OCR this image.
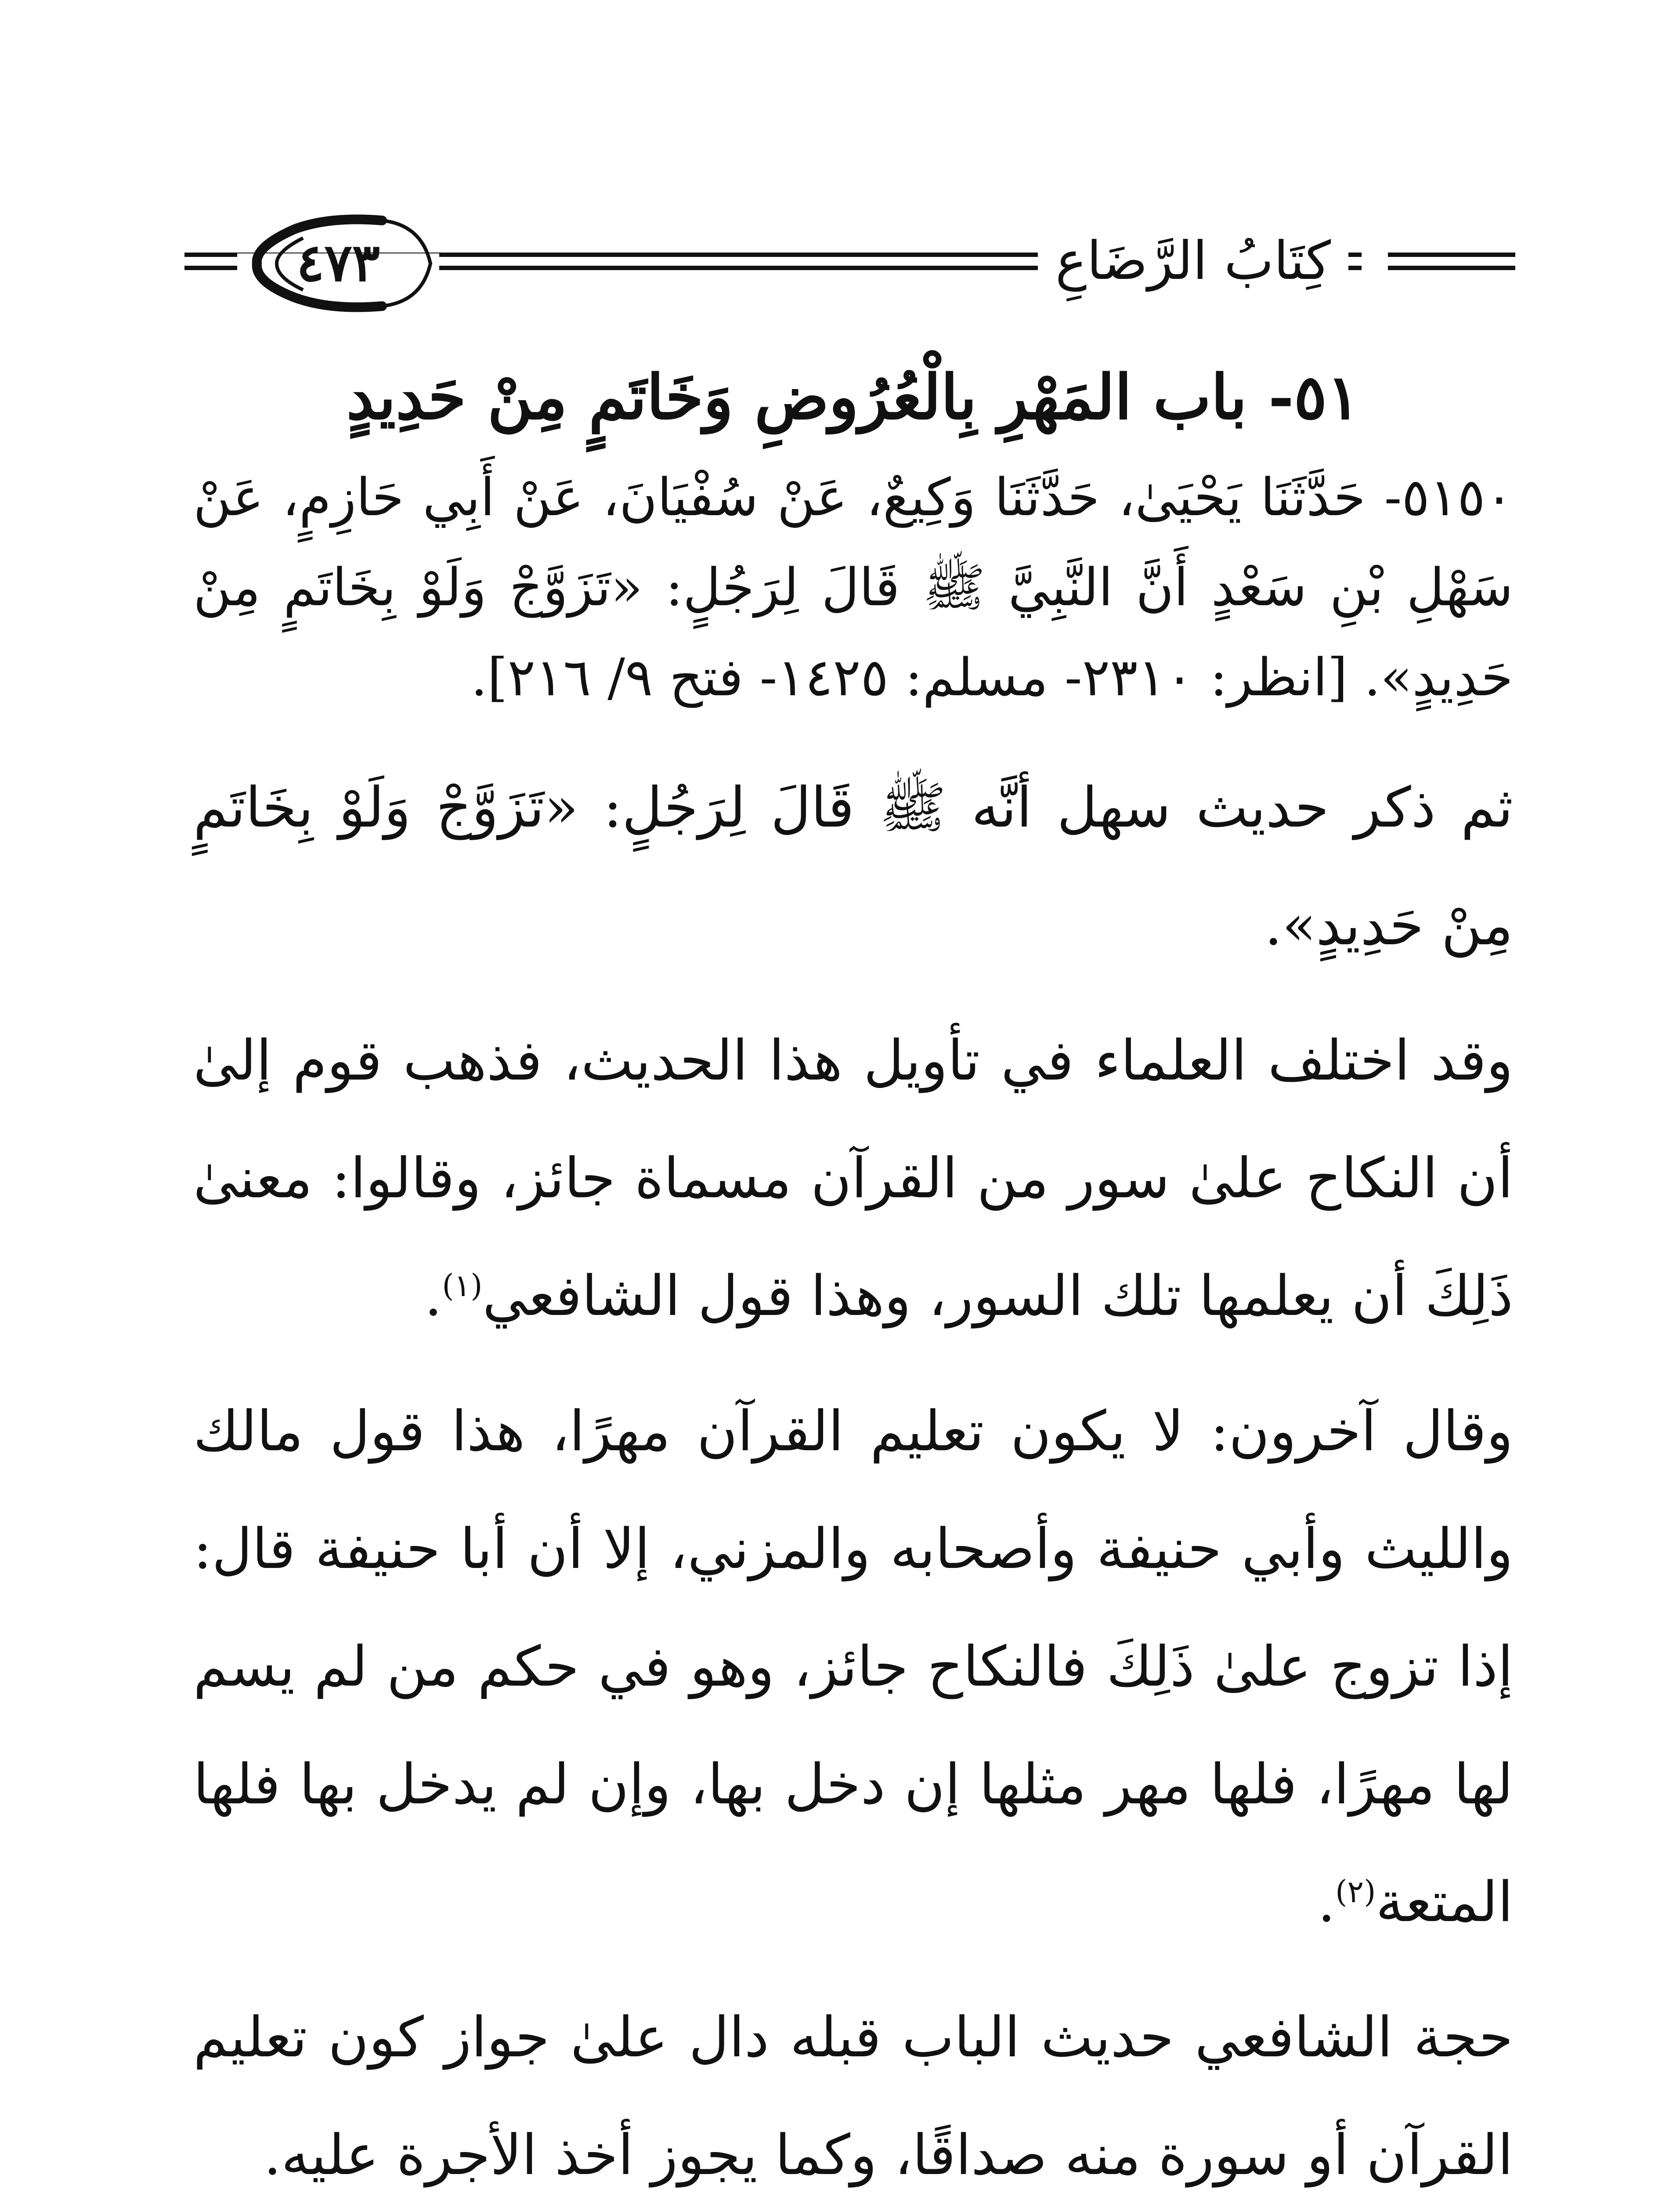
٤٧٣	كِتَابُ الرَّضَاعِ
٥١- باب المَهْرِ بِالْعُرُوضِ وَخَاتَمٍ مِنْ حَدِيدٍ

٥١٥٠- حَدَّثَنَا يَحْيَىٰ، حَدَّثَنَا وَكِيعٌ، عَنْ سُفْيَانَ، عَنْ أَبِي حَازِمٍ، عَنْ سَهْلِ بْنِ سَعْدٍ أَنَّ النَّبِيَّ ﷺ قَالَ لِرَجُلٍ: «تَزَوَّجْ وَلَوْ بِخَاتَمٍ مِنْ حَدِيدٍ». [انظر: ٢٣١٠- مسلم: ١٤٢٥- فتح ٩/ ٢١٦].

ثم ذكر حديث سهل أنَّه ﷺ قَالَ لِرَجُلٍ: «تَزَوَّجْ وَلَوْ بِخَاتَمٍ مِنْ حَدِيدٍ».

وقد اختلف العلماء في تأويل هذا الحديث، فذهب قوم إلىٰ أن النكاح علىٰ سور من القرآن مسماة جائز، وقالوا: معنىٰ ذَلِكَ أن يعلمها تلك السور، وهذا قول الشافعي$^{(١)}$.

وقال آخرون: لا يكون تعليم القرآن مهرًا، هذا قول مالك والليث وأبي حنيفة وأصحابه والمزني، إلا أن أبا حنيفة قال: إذا تزوج علىٰ ذَلِكَ فالنكاح جائز، وهو في حكم من لم يسم لها مهرًا، فلها مهر مثلها إن دخل بها، وإن لم يدخل بها فلها المتعة$^{(٢)}$.

حجة الشافعي حديث الباب قبله دال علىٰ جواز كون تعليم القرآن أو سورة منه صداقًا، وكما يجوز أخذ الأجرة عليه.
